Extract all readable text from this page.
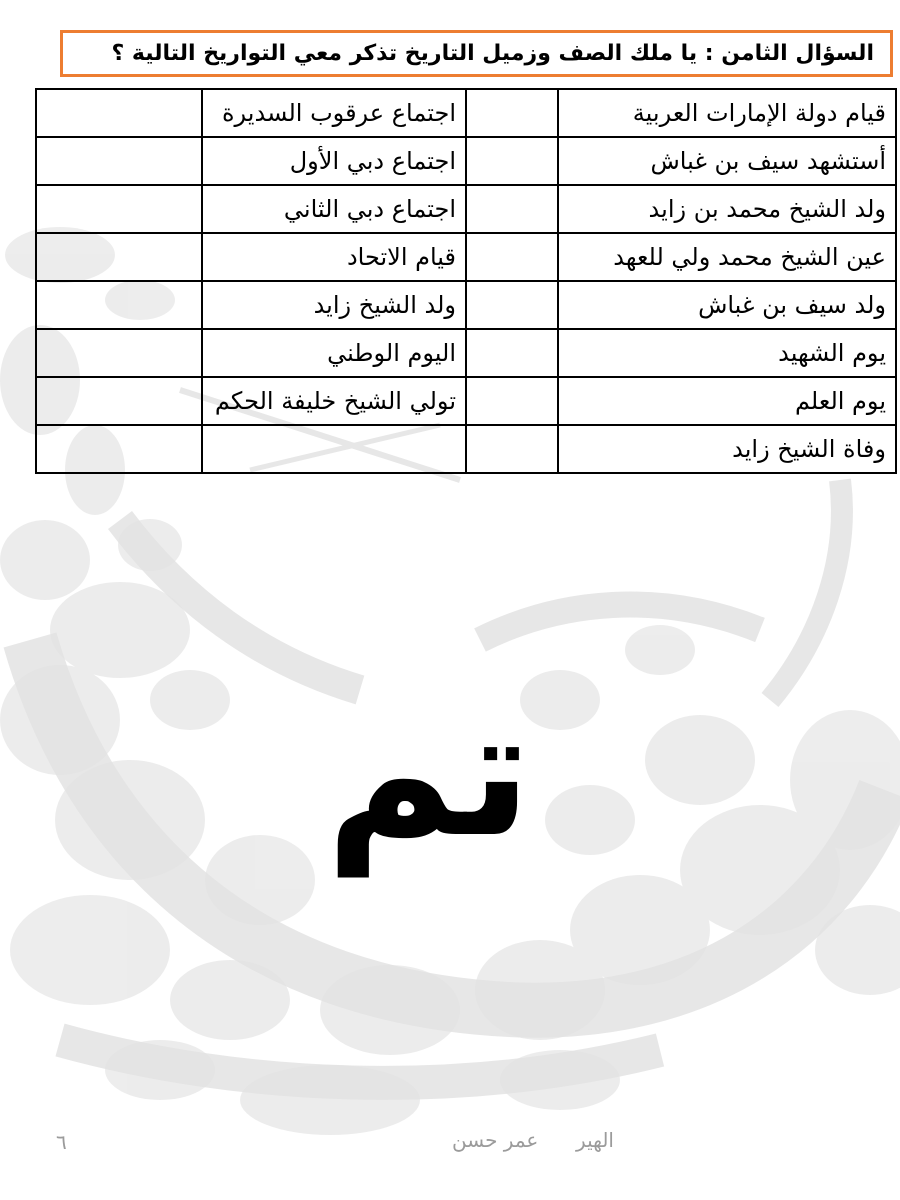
السؤال الثامن : يا ملك الصف وزميل التاريخ تذكر معي التواريخ التالية ؟
قيام دولة الإمارات العربية		اجتماع عرقوب السديرة	
أستشهد سيف بن غباش		اجتماع دبي الأول	
ولد الشيخ محمد بن زايد		اجتماع دبي الثاني	
عين الشيخ محمد ولي للعهد		قيام الاتحاد	
ولد سيف بن غباش		ولد الشيخ زايد	
يوم الشهيد		اليوم الوطني	
يوم العلم		تولي الشيخ خليفة الحكم	
وفاة الشيخ زايد			
تم
٦	الهير
عمر حسن
